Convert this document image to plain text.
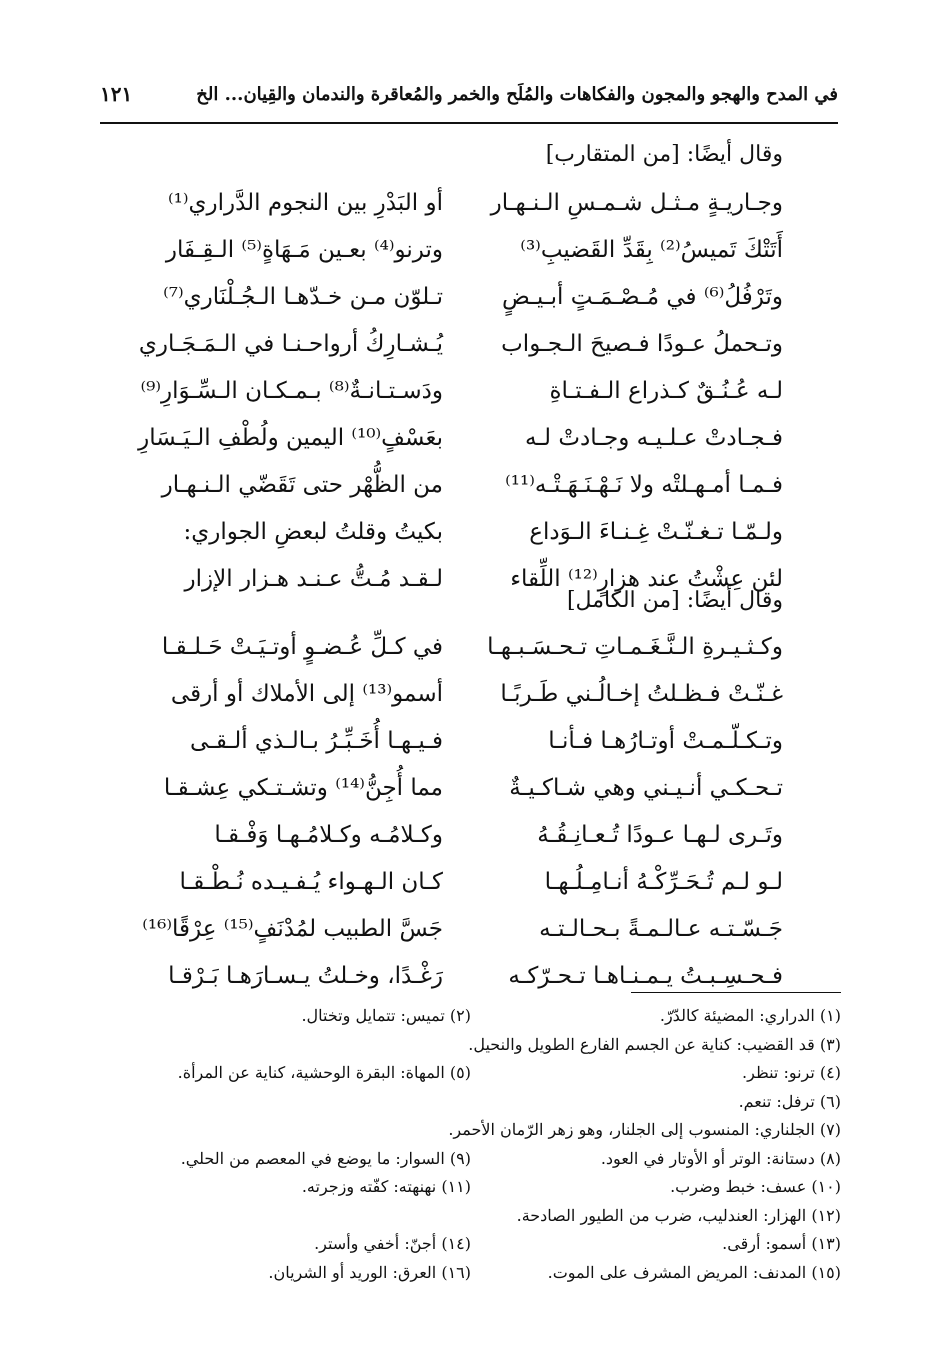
في المدح والهجو والمجون والفكاهات والمُلَح والخمر والمُعاقرة والندمان والقِيان... الخ
١٢١
وقال أيضًا: [من المتقارب]
وجـاريـةٍ مـثـل شـمـسِ الـنـهـار
أو البَدْرِ بين النجوم الدَّراري⁽¹⁾
أَتَتْكَ تَميسُ⁽²⁾ بِقَدِّ القَضيبِ⁽³⁾
وترنو⁽⁴⁾ بعـين مَـهَاةٍ⁽⁵⁾ الـقِـفَار
وتَرْفُلُ⁽⁶⁾ في مُـصْـمَـتٍ أبـيـضٍ
تـلوّن مـن خـدّهـا الـجُـلْنَاري⁽⁷⁾
وتـحملُ عـودًا فـصيحَ الـجـواب
يُـشـارِكُ أرواحـنـا في الـمَـجَـاري
لـه عُـنُـقٌ كـذراع الـفـتـاةِ
ودَسـتـانـةٌ⁽⁸⁾ بـمـكـان الـسِّـوَارِ⁽⁹⁾
فـجـادتْ عـلـيـه وجـادتْ لـه
بعَسْفٍ⁽¹⁰⁾ اليمين ولُطْفِ الـيَـسَارِ
فـمـا أمـهـلتْه ولا نَـهْـنَـهَـتْـه⁽¹¹⁾
من الظُّهْر حتى تَقَضّي الـنـهـار
ولـمّـا تـغـنّـتْ غِـنـاءَ الـوَداع
بكيتُ وقلتُ لبعضِ الجواري:
لئن عِشْتُ عند هزارٍ⁽¹²⁾ اللِّقاء
لـقـد مُـتُّ عـنـد هـزار الإزار
وقال أيضًا: [من الكامل]
وكـثـيـرةِ الـنَّـغَـمـاتِ تـحـسَـبـهـا
في كـلِّ عُـضـوٍ أوتـيَـتْ حَـلـقـا
غـنّـتْ فـظـلتُ إخـالُـني طَـربًـا
أسمو⁽¹³⁾ إلى الأملاك أو أرقى
وتـكـلّـمـتْ أوتـارُهـا فـأنـا
فـيـهـا أُخَـبِّـرُ بـالـذي ألـقـى
تـحـكـي أنـيـني وهي شـاكـيـةٌ
مما أُجِنُّ⁽¹⁴⁾ وتشـتـكي عِشـقـا
وتَـرى لـهـا عـودًا تُـعـانِـقُـهُ
وكـلامُـه وكـلامُـهـا وَفْـقـا
لـو لـم تُـحَـرِّكْـهُ أنـامِـلُـهـا
كـان الـهـواء يُـفـيـده نُـطْـقـا
جَـسّـتـه عـالـمـةً بـحـالـتـه
جَسَّ الطبيب لمُدْنَفٍ⁽¹⁵⁾ عِرْقًا⁽¹⁶⁾
فـحـسِـبـتُ يـمـنـاهـا تـحـرّكـه
رَغْـدًا، وخـلتُ يـسـارَهـا بَـرْقـا
(١) الدراري: المضيئة كالدّرّ.
(٢) تميس: تتمايل وتختال.
(٣) قد القضيب: كناية عن الجسم الفارع الطويل والنحيل.
(٤) ترنو: تنظر.
(٥) المهاة: البقرة الوحشية، كناية عن المرأة.
(٦) ترفل: تنعم.
(٧) الجلناري: المنسوب إلى الجلنار، وهو زهر الرّمان الأحمر.
(٨) دستانة: الوتر أو الأوتار في العود.
(٩) السوار: ما يوضع في المعصم من الحلي.
(١٠) عسف: خبط وضرب.
(١١) نهنهته: كفّته وزجرته.
(١٢) الهزار: العندليب، ضرب من الطيور الصادحة.
(١٣) أسمو: أرقى.
(١٤) أجنّ: أخفي وأستر.
(١٥) المدنف: المريض المشرف على الموت.
(١٦) العرق: الوريد أو الشريان.
